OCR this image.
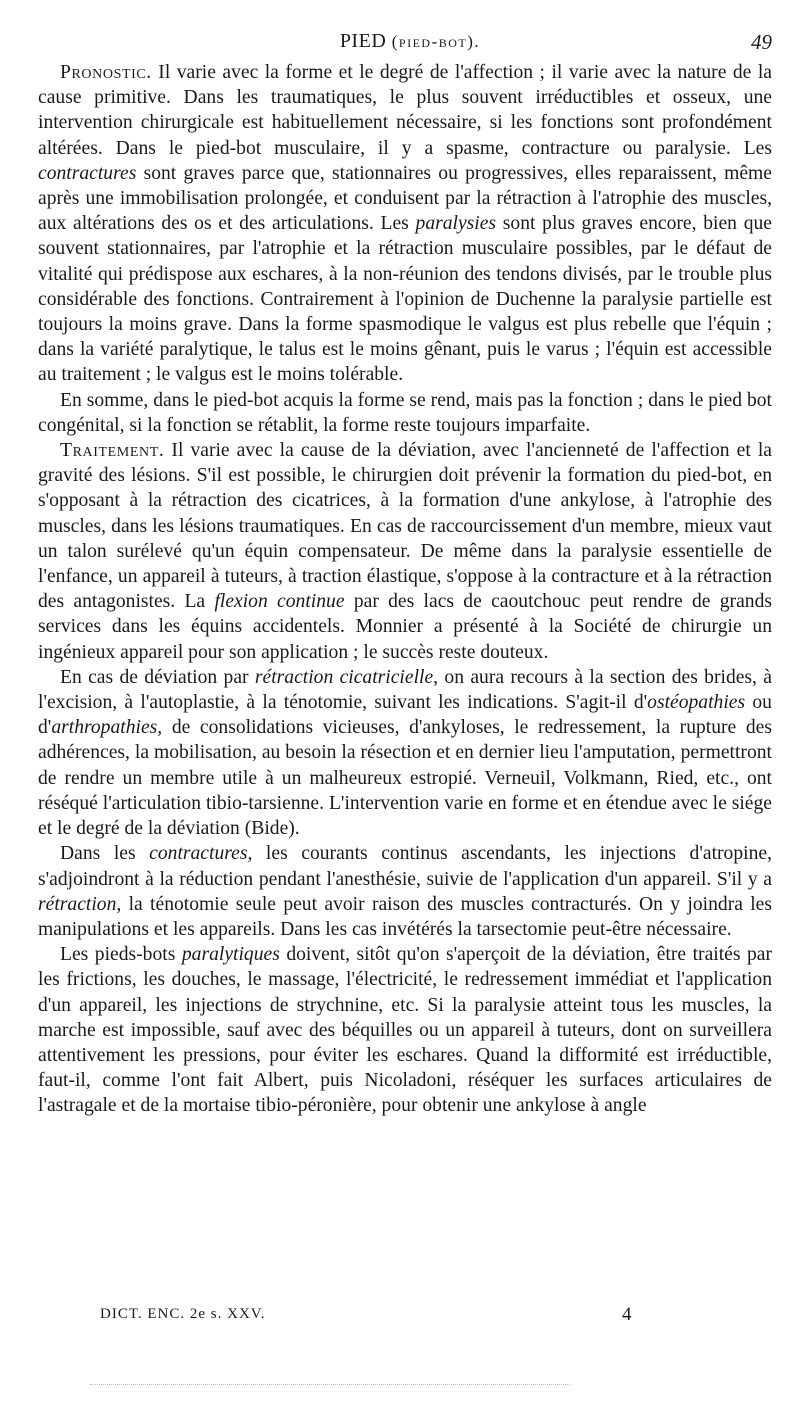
PIED (pied-bot).	49

Pronostic. Il varie avec la forme et le degré de l'affection ; il varie avec la nature de la cause primitive. Dans les traumatiques, le plus souvent irréductibles et osseux, une intervention chirurgicale est habituellement nécessaire, si les fonctions sont profondément altérées. Dans le pied-bot musculaire, il y a spasme, contracture ou paralysie. Les contractures sont graves parce que, stationnaires ou progressives, elles reparaissent, même après une immobilisation prolongée, et conduisent par la rétraction à l'atrophie des muscles, aux altérations des os et des articulations. Les paralysies sont plus graves encore, bien que souvent stationnaires, par l'atrophie et la rétraction musculaire possibles, par le défaut de vitalité qui prédispose aux eschares, à la non-réunion des tendons divisés, par le trouble plus considérable des fonctions. Contrairement à l'opinion de Duchenne la paralysie partielle est toujours la moins grave. Dans la forme spasmodique le valgus est plus rebelle que l'équin ; dans la variété paralytique, le talus est le moins gênant, puis le varus ; l'équin est accessible au traitement ; le valgus est le moins tolérable.

En somme, dans le pied-bot acquis la forme se rend, mais pas la fonction ; dans le pied bot congénital, si la fonction se rétablit, la forme reste toujours imparfaite.

Traitement. Il varie avec la cause de la déviation, avec l'ancienneté de l'affection et la gravité des lésions. S'il est possible, le chirurgien doit prévenir la formation du pied-bot, en s'opposant à la rétraction des cicatrices, à la formation d'une ankylose, à l'atrophie des muscles, dans les lésions traumatiques. En cas de raccourcissement d'un membre, mieux vaut un talon surélevé qu'un équin compensateur. De même dans la paralysie essentielle de l'enfance, un appareil à tuteurs, à traction élastique, s'oppose à la contracture et à la rétraction des antagonistes. La flexion continue par des lacs de caoutchouc peut rendre de grands services dans les équins accidentels. Monnier a présenté à la Société de chirurgie un ingénieux appareil pour son application ; le succès reste douteux.

En cas de déviation par rétraction cicatricielle, on aura recours à la section des brides, à l'excision, à l'autoplastie, à la ténotomie, suivant les indications. S'agit-il d'ostéopathies ou d'arthropathies, de consolidations vicieuses, d'ankyloses, le redressement, la rupture des adhérences, la mobilisation, au besoin la résection et en dernier lieu l'amputation, permettront de rendre un membre utile à un malheureux estropié. Verneuil, Volkmann, Ried, etc., ont réséqué l'articulation tibio-tarsienne. L'intervention varie en forme et en étendue avec le siége et le degré de la déviation (Bide).

Dans les contractures, les courants continus ascendants, les injections d'atropine, s'adjoindront à la réduction pendant l'anesthésie, suivie de l'application d'un appareil. S'il y a rétraction, la ténotomie seule peut avoir raison des muscles contracturés. On y joindra les manipulations et les appareils. Dans les cas invétérés la tarsectomie peut-être nécessaire.

Les pieds-bots paralytiques doivent, sitôt qu'on s'aperçoit de la déviation, être traités par les frictions, les douches, le massage, l'électricité, le redressement immédiat et l'application d'un appareil, les injections de strychnine, etc. Si la paralysie atteint tous les muscles, la marche est impossible, sauf avec des béquilles ou un appareil à tuteurs, dont on surveillera attentivement les pressions, pour éviter les eschares. Quand la difformité est irréductible, faut-il, comme l'ont fait Albert, puis Nicoladoni, réséquer les surfaces articulaires de l'astragale et de la mortaise tibio-péronière, pour obtenir une ankylose à angle

DICT. ENC. 2e s. XXV.	4
